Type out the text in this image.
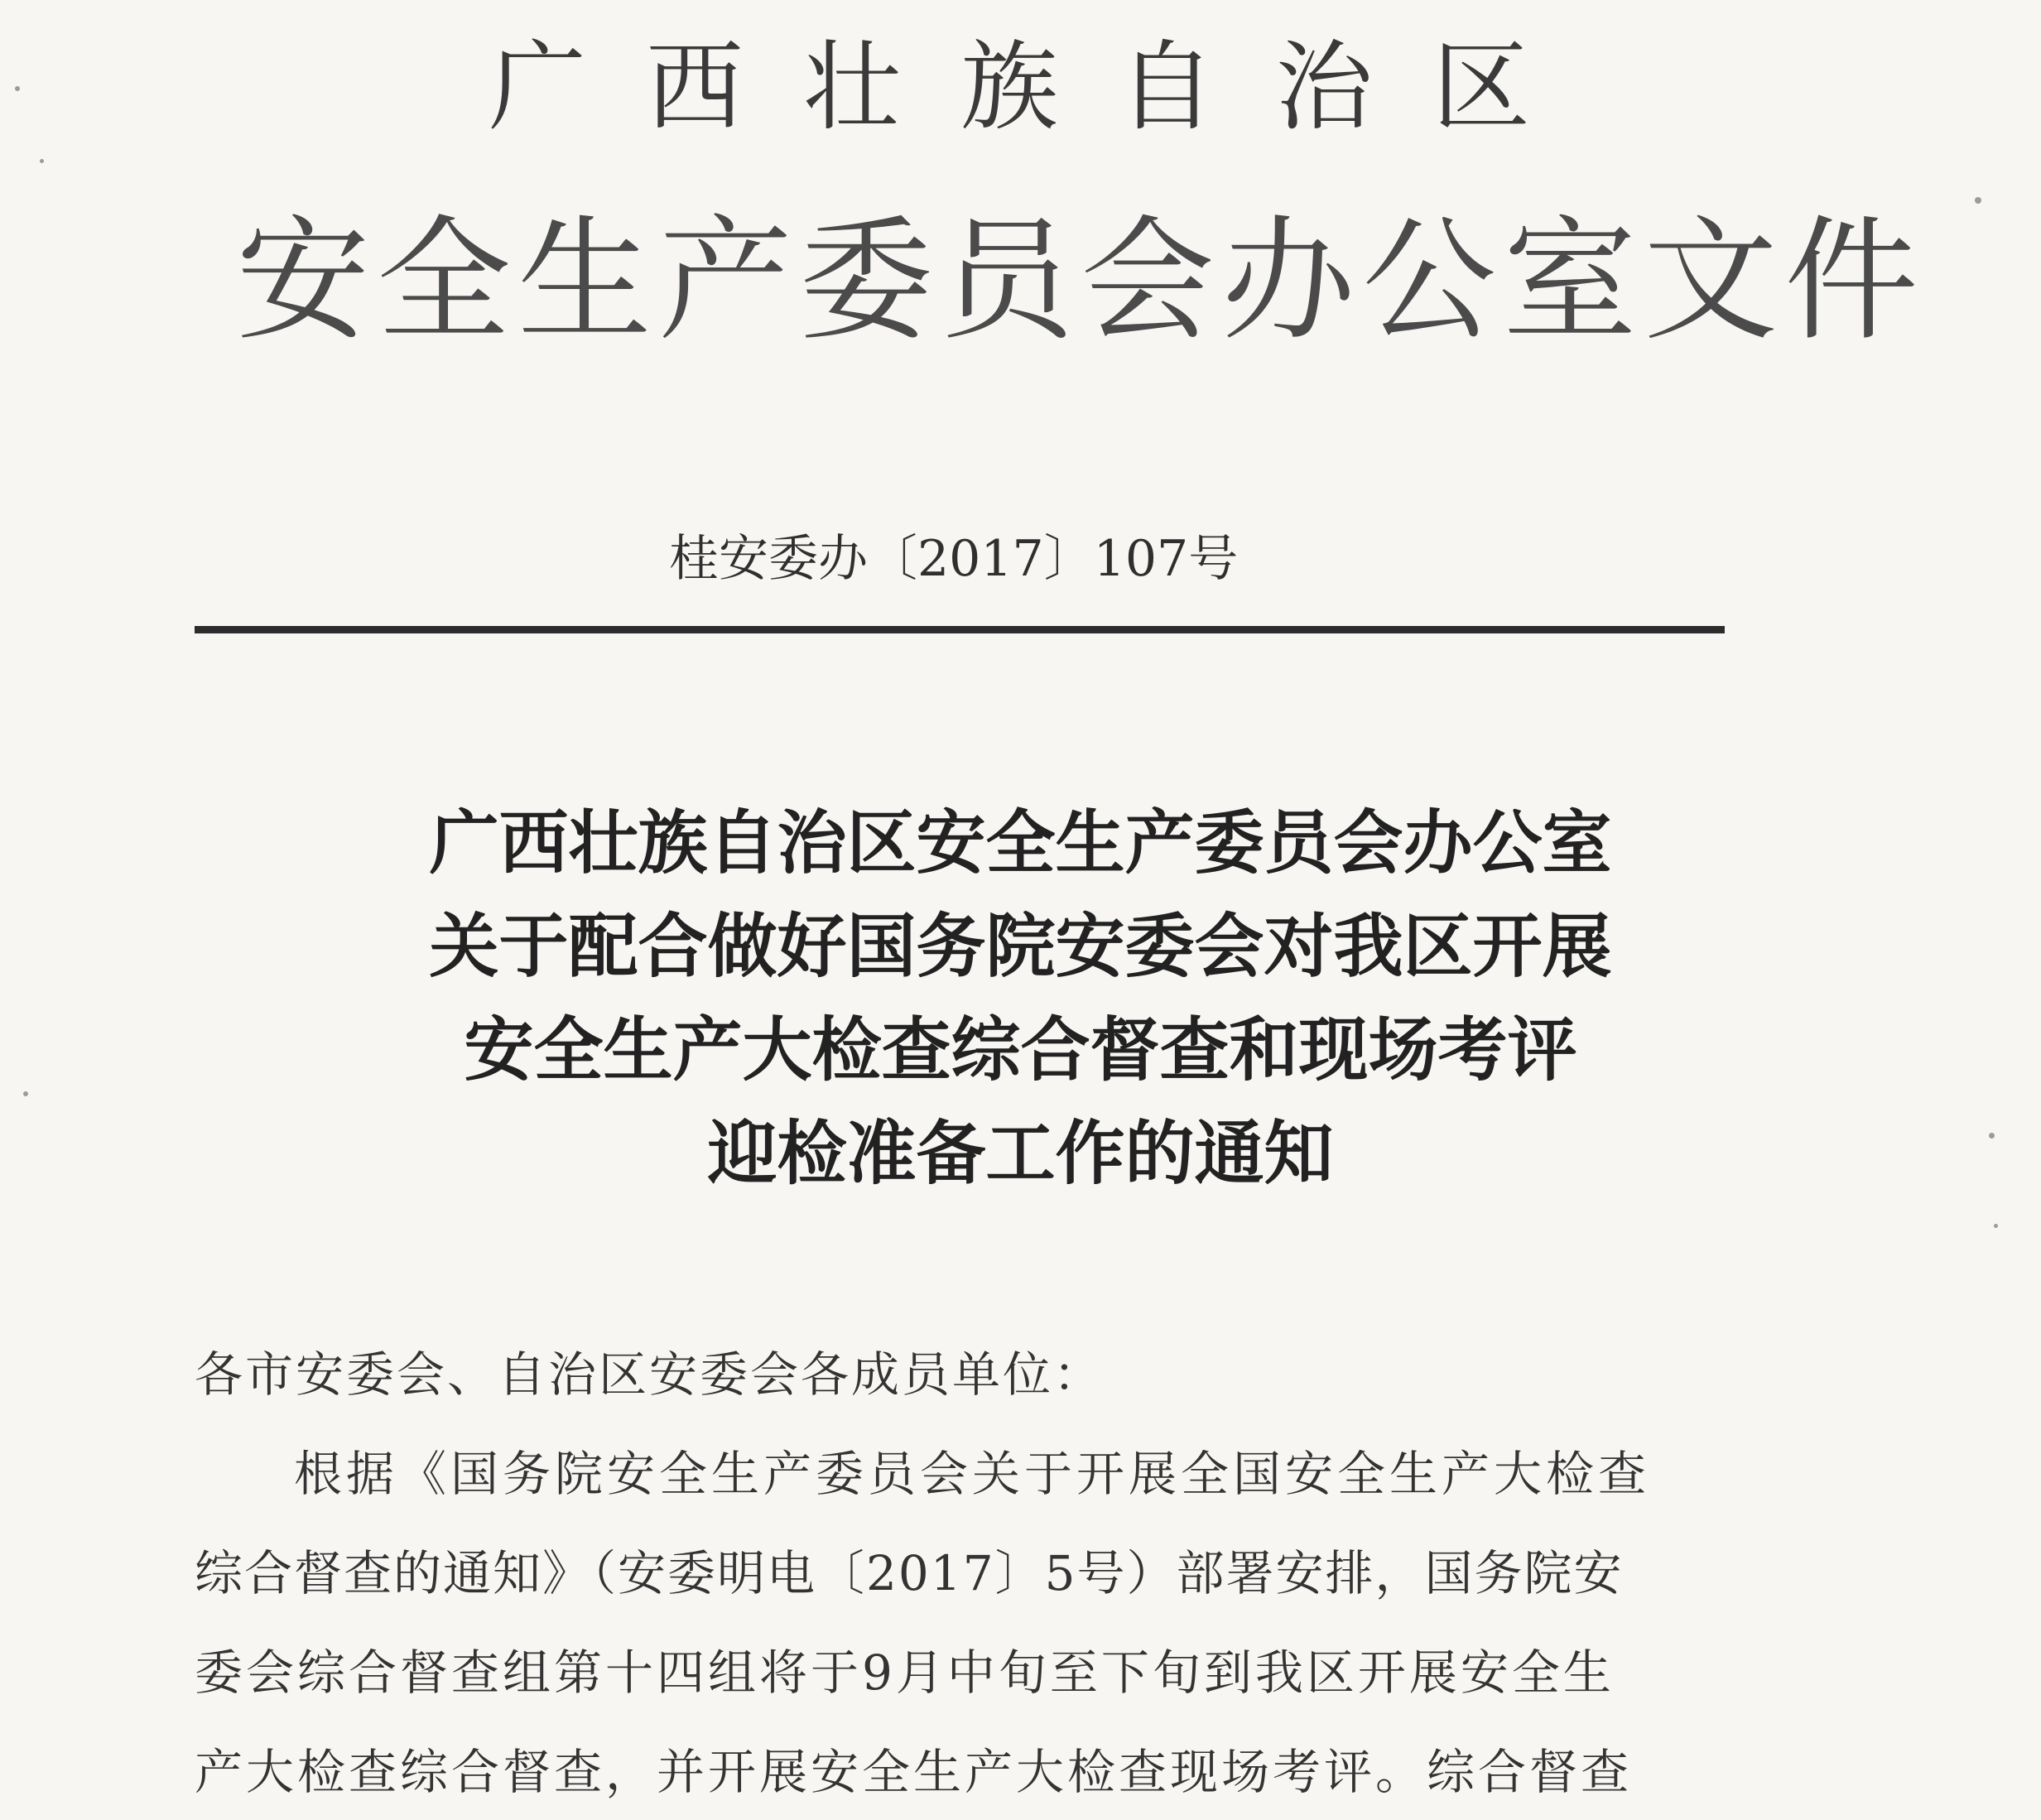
广西壮族自治区
安全生产委员会办公室文件
桂安委办〔2017〕107号
广西壮族自治区安全生产委员会办公室
关于配合做好国务院安委会对我区开展
安全生产大检查综合督查和现场考评
迎检准备工作的通知
各市安委会、自治区安委会各成员单位：
根据《国务院安全生产委员会关于开展全国安全生产大检查
综合督查的通知》（安委明电〔2017〕5号）部署安排，国务院安
委会综合督查组第十四组将于9月中旬至下旬到我区开展安全生
产大检查综合督查，并开展安全生产大检查现场考评。综合督查
